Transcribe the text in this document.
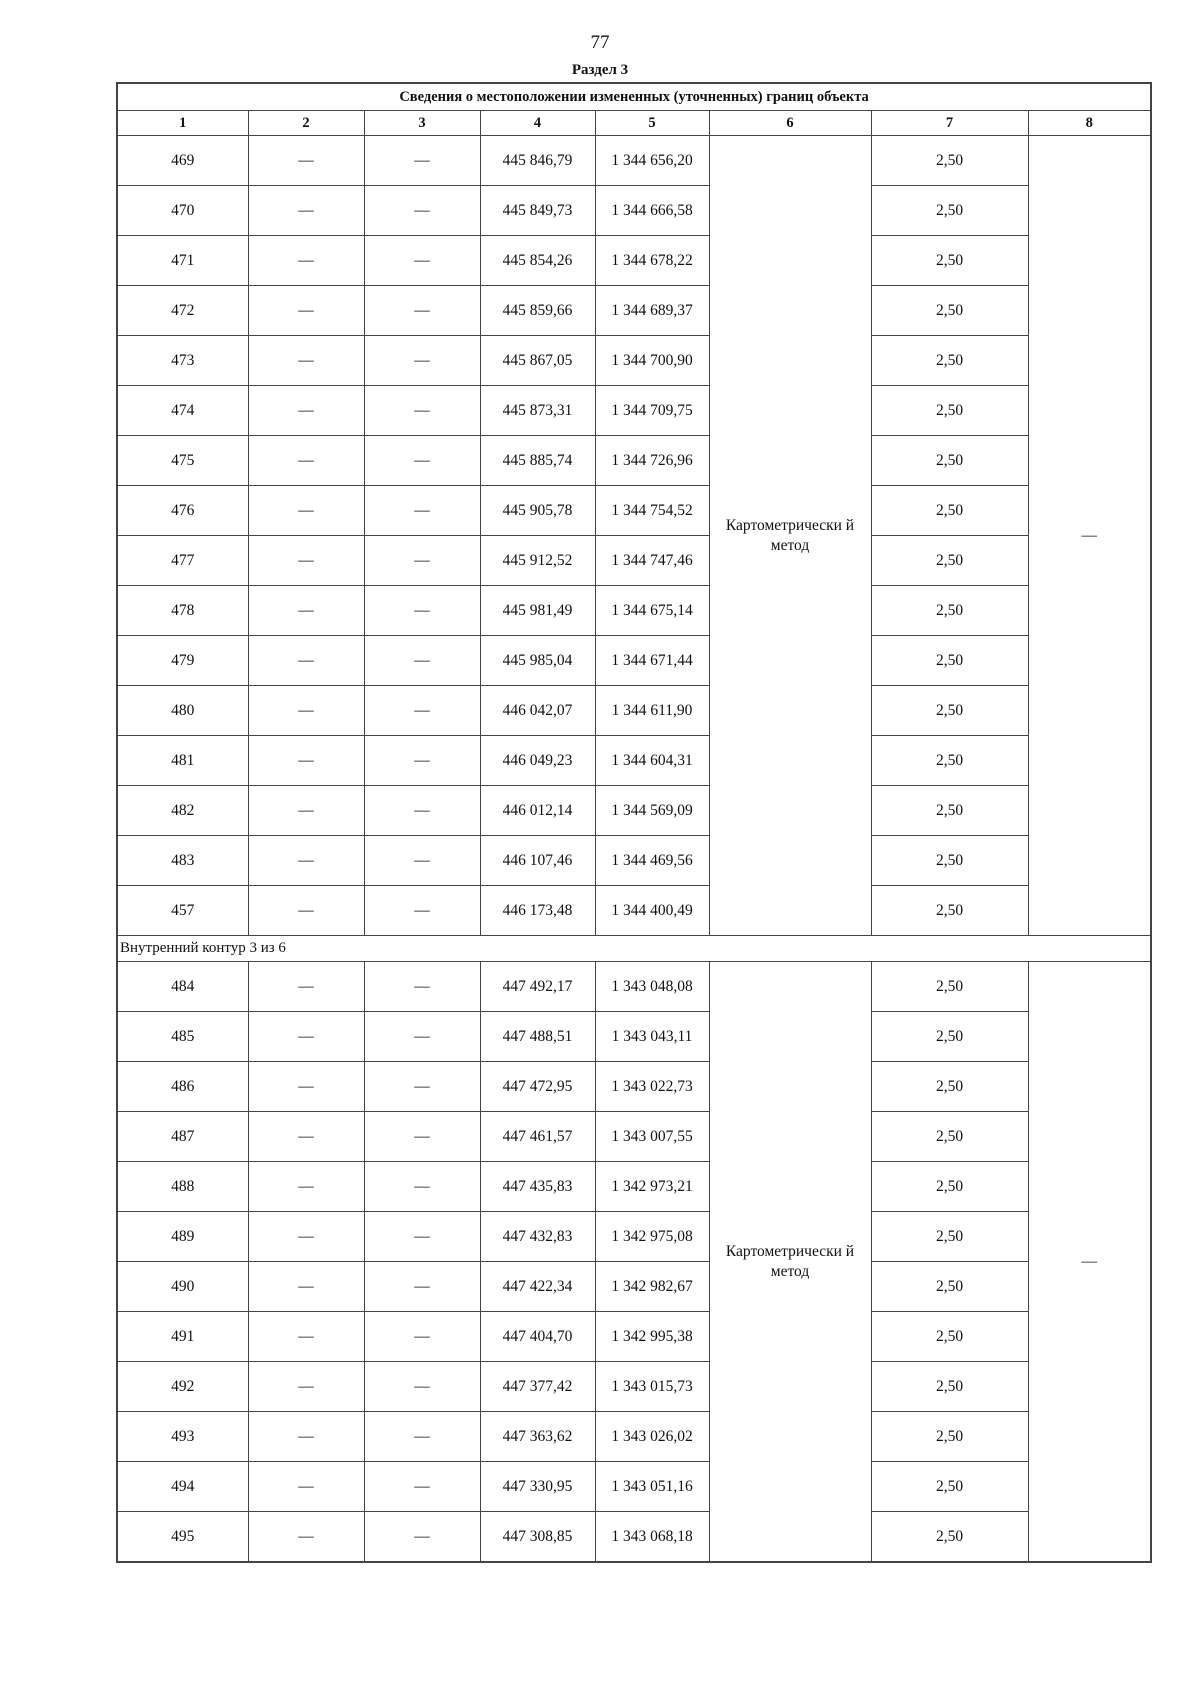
77
Раздел 3
Сведения о местоположении измененных (уточненных) границ объекта							
1	2	3	4	5	6	7	8
469	—	—	445 846,79	1 344 656,20	Картометрически й метод	2,50	—
470	—	—	445 849,73	1 344 666,58		2,50	
471	—	—	445 854,26	1 344 678,22		2,50	
472	—	—	445 859,66	1 344 689,37		2,50	
473	—	—	445 867,05	1 344 700,90		2,50	
474	—	—	445 873,31	1 344 709,75		2,50	
475	—	—	445 885,74	1 344 726,96		2,50	
476	—	—	445 905,78	1 344 754,52		2,50	
477	—	—	445 912,52	1 344 747,46		2,50	
478	—	—	445 981,49	1 344 675,14		2,50	
479	—	—	445 985,04	1 344 671,44		2,50	
480	—	—	446 042,07	1 344 611,90		2,50	
481	—	—	446 049,23	1 344 604,31		2,50	
482	—	—	446 012,14	1 344 569,09		2,50	
483	—	—	446 107,46	1 344 469,56		2,50	
457	—	—	446 173,48	1 344 400,49		2,50	
Внутренний контур 3 из 6							
484	—	—	447 492,17	1 343 048,08	Картометрически й метод	2,50	—
485	—	—	447 488,51	1 343 043,11		2,50	
486	—	—	447 472,95	1 343 022,73		2,50	
487	—	—	447 461,57	1 343 007,55		2,50	
488	—	—	447 435,83	1 342 973,21		2,50	
489	—	—	447 432,83	1 342 975,08		2,50	
490	—	—	447 422,34	1 342 982,67		2,50	
491	—	—	447 404,70	1 342 995,38		2,50	
492	—	—	447 377,42	1 343 015,73		2,50	
493	—	—	447 363,62	1 343 026,02		2,50	
494	—	—	447 330,95	1 343 051,16		2,50	
495	—	—	447 308,85	1 343 068,18		2,50	
